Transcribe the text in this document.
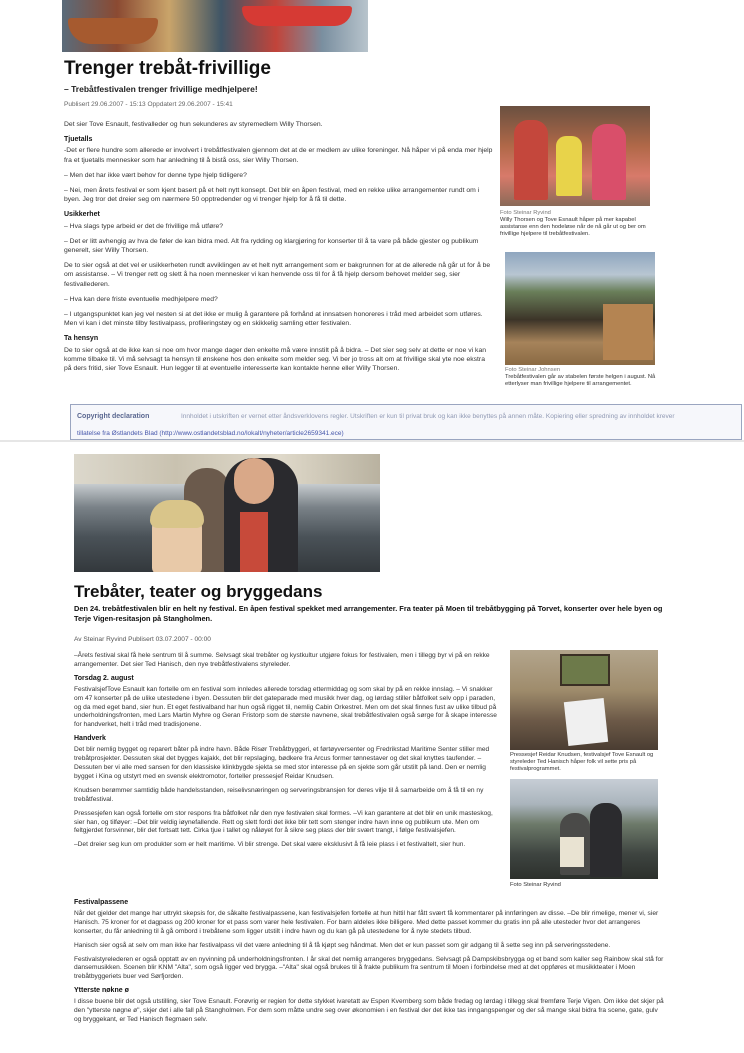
Trenger trebåt-frivillige
– Trebåtfestivalen trenger frivillige medhjelpere!
Publisert 29.06.2007 - 15:13 Oppdatert 29.06.2007 - 15:41

Det sier Tove Esnault, festivalleder og hun sekunderes av styremedlem Willy Thorsen.

Tjuetalls

-Det er flere hundre som allerede er involvert i trebåtfestivalen gjennom det at de er medlem av ulike foreninger. Nå håper vi på enda mer hjelp fra et tjuetalls mennesker som har anledning til å bistå oss, sier Willy Thorsen.

– Men det har ikke vært behov for denne type hjelp tidligere?

– Nei, men årets festival er som kjent basert på et helt nytt konsept. Det blir en åpen festival, med en rekke ulike arrangementer rundt om i byen. Jeg tror det dreier seg om nærmere 50 opptredender og vi trenger hjelp for å få til dette.

Usikkerhet

– Hva slags type arbeid er det de frivillige må utføre?

– Det er litt avhengig av hva de føler de kan bidra med. Alt fra rydding og klargjøring for konserter til å ta vare på både gjester og publikum generelt, sier Willy Thorsen.

De to sier også at det vel er usikkerheten rundt avviklingen av et helt nytt arrangement som er bakgrunnen for at de allerede nå går ut for å be om assistanse. – Vi trenger rett og slett å ha noen mennesker vi kan henvende oss til for å få hjelp dersom behovet melder seg, sier festivallederen.

– Hva kan dere friste eventuelle medhjelpere med?

– I utgangspunktet kan jeg vel nesten si at det ikke er mulig å garantere på forhånd at innsatsen honoreres i tråd med arbeidet som utføres. Men vi kan i det minste tilby festivalpass, profileringstøy og en skikkelig samling etter festivalen.

Ta hensyn

De to sier også at de ikke kan si noe om hvor mange dager den enkelte må være innstilt på å bidra. – Det sier seg selv at dette er noe vi kan komme tilbake til. Vi må selvsagt ta hensyn til ønskene hos den enkelte som melder seg. Vi ber jo tross alt om at frivillige skal yte noe ekstra på ders fritid, sier Tove Esnault. Hun legger til at eventuelle interesserte kan kontakte henne eller Willy Thorsen.

Foto Steinar Ryvind
Willy Thorsen og Tove Esnault håper på mer kapabel assistanse enn den hodeløse når de nå går ut og ber om frivillige hjelpere til trebåtfestivalen.
Foto Steinar Johnsen
Trebåtfestivalen går av stabelen første helgen i august. Nå etterlyser man frivillige hjelpere til arrangementet.
Copyright declaration	Innholdet i utskriften er vernet etter åndsverklovens regler. Utskriften er kun til privat bruk og kan ikke benyttes på annen måte. Kopiering eller spredning av innholdet krever
tillatelse fra Østlandets Blad (http://www.ostlandetsblad.no/lokalt/nyheter/article2659341.ece)
Trebåter, teater og bryggedans
Den 24. trebåtfestivalen blir en helt ny festival. En åpen festival spekket med arrangementer. Fra teater på Moen til trebåtbygging på Torvet, konserter over hele byen og Terje Vigen-resitasjon på Stangholmen.
Av Steinar Ryvind Publisert 03.07.2007 - 00:00

–Årets festival skal få hele sentrum til å summe. Selvsagt skal trebåter og kystkultur utgjøre fokus for festivalen, men i tillegg byr vi på en rekke arrangementer. Det sier Ted Hanisch, den nye trebåtfestivalens styreleder.

Torsdag 2. august

FestivalsjefTove Esnault kan fortelle om en festival som innledes allerede torsdag ettermiddag og som skal by på en rekke innslag. – Vi snakker om 47 konserter på de ulike utestedene i byen. Dessuten blir det gateparade med musikk hver dag, og lørdag stiller båtfolket selv opp i paraden, og da med eget band, sier hun. Et eget festivalband har hun også rigget til, nemlig Cabin Orkestret. Men om det skal finnes fust av ulike tilbud på underholdningsfronten, med Lars Martin Myhre og Geran Fristorp som de største navnene, skal trebåtfestivalen også sørge for å skape interesse for handverket, helt i tråd med tradisjonene.

Handverk

Det blir nemlig bygget og reparert båter på indre havn. Både Risør Trebåtbyggeri, et førtøyversenter og Fredrikstad Maritime Senter stiller med trebåtprosjekter. Dessuten skal det bygges kajakk, det blir repslaging, bødkere fra Arcus former tønnestaver og det skal knyttes taufender. –Dessuten ber vi alle med sansen for den klassiske klinkbygde sjekta se med stor interesse på en sjekte som går utstilt på land. Den er nemlig bygget i Kina og utstyrt med en svensk elektromotor, forteller pressesjef Reidar Knudsen.

Knudsen berømmer samtidig både handelsstanden, reiselivsnæringen og serveringsbransjen for deres vilje til å samarbeide om å få til en ny trebåtfestival.

Pressesjefen kan også fortelle om stor respons fra båtfolket når den nye festivalen skal formes. –Vi kan garantere at det blir en unik masteskog, sier han, og tilføyer: –Det blir veldig iøynefallende. Rett og slett fordi det ikke blir tett som stenger indre havn inne og publikum ute. Men om feltgjerdet forsvinner, blir det fortsatt tett. Cirka tjue i tallet og nåløyet for å sikre seg plass der blir svært trangt, i følge festivalsjefen.

–Det dreier seg kun om produkter som er helt maritime. Vi blir strenge. Det skal være eksklusivt å få leie plass i et festivaltelt, sier hun.

Festivalpassene

Når det gjelder det mange har uttrykt skepsis for, de såkalte festivalpassene, kan festivalsjefen fortelle at hun hittil har fått svært få kommentarer på innføringen av disse. –De blir rimelige, mener vi, sier Hanisch. 75 kroner for et dagpass og 200 kroner for et pass som varer hele festivalen. For barn aldeles ikke billigere. Med dette passet kommer du gratis inn på alle utesteder hvor det arrangeres konserter, du får anledning til å gå ombord i trebåtene som ligger utstilt i indre havn og du kan gå på utestedene for å nyte stedets tilbud.

Hanisch sier også at selv om man ikke har festivalpass vil det være anledning til å få kjøpt seg håndmat. Men det er kun passet som gir adgang til å sette seg inn på serveringsstedene.

Festivalstyrelederen er også opptatt av en nyvinning på underholdningsfronten. I år skal det nemlig arrangeres bryggedans. Selvsagt på Dampskibsbrygga og et band som kaller seg Rainbow skal stå for dansemusikken. Scenen blir KNM "Alta", som også ligger ved brygga. –"Alta" skal også brukes til å frakte publikum fra sentrum til Moen i forbindelse med at det oppføres et musikkteater i Moen trebåtbyggeriets buer ved Sørfjorden.

Ytterste nøkne ø

I disse buene blir det også utstilling, sier Tove Esnault. Forøvrig er regien for dette stykket ivaretatt av Espen Kvernberg som både fredag og lørdag i tillegg skal fremføre Terje Vigen. Om ikke det skjer på den "ytterste nøgne ø", skjer det i alle fall på Stangholmen. For dem som måtte undre seg over økonomien i en festival der det ikke tas inngangspenger og der så mange skal bidra fra scene, gate, gulv og bryggekant, er Ted Hanisch flegmaen selv.

Pressesjef Reidar Knudsen, festivalsjef Tove Esnault og styreleder Ted Hanisch håper folk vil sette pris på festivalprogrammet.
Foto Steinar Ryvind
